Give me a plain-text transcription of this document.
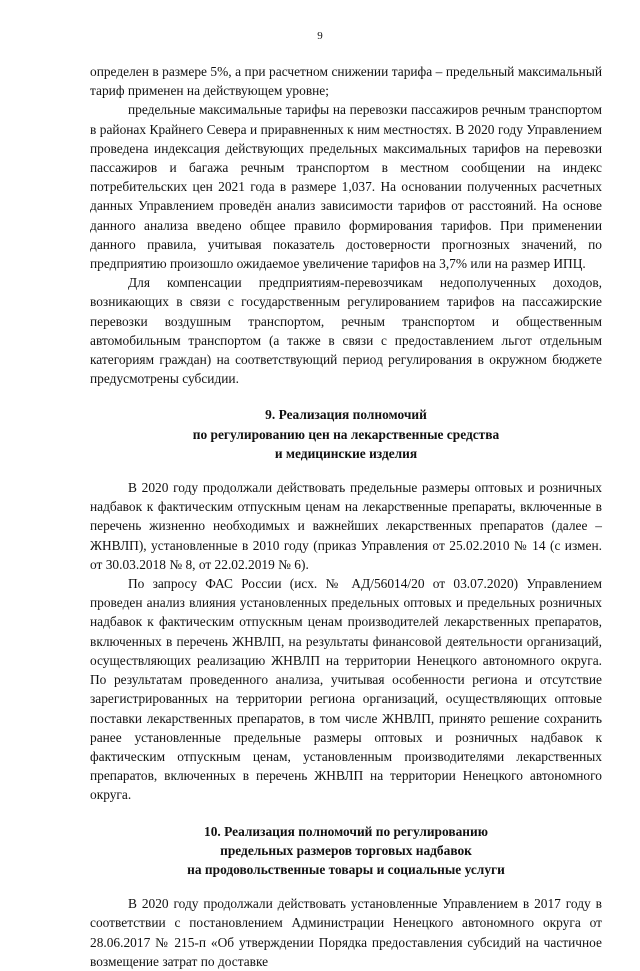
9

определен в размере 5%, а при расчетном снижении тарифа – предельный максимальный тариф применен на действующем уровне;

предельные максимальные тарифы на перевозки пассажиров речным транспортом в районах Крайнего Севера и приравненных к ним местностях. В 2020 году Управлением проведена индексация действующих предельных максимальных тарифов на перевозки пассажиров и багажа речным транспортом в местном сообщении на индекс потребительских цен 2021 года в размере 1,037. На основании полученных расчетных данных Управлением проведён анализ зависимости тарифов от расстояний. На основе данного анализа введено общее правило формирования тарифов. При применении данного правила, учитывая показатель достоверности прогнозных значений, по предприятию произошло ожидаемое увеличение тарифов на 3,7% или на размер ИПЦ.

Для компенсации предприятиям-перевозчикам недополученных доходов, возникающих в связи с государственным регулированием тарифов на пассажирские перевозки воздушным транспортом, речным транспортом и общественным автомобильным транспортом (а также в связи с предоставлением льгот отдельным категориям граждан) на соответствующий период регулирования в окружном бюджете предусмотрены субсидии.

9. Реализация полномочий

по регулированию цен на лекарственные средства

и медицинские изделия

В 2020 году продолжали действовать предельные размеры оптовых и розничных надбавок к фактическим отпускным ценам на лекарственные препараты, включенные в перечень жизненно необходимых и важнейших лекарственных препаратов (далее – ЖНВЛП), установленные в 2010 году (приказ Управления от 25.02.2010 № 14 (с измен. от 30.03.2018 № 8, от 22.02.2019 № 6).

По запросу ФАС России (исх. № АД/56014/20 от 03.07.2020) Управлением проведен анализ влияния установленных предельных оптовых и предельных розничных надбавок к фактическим отпускным ценам производителей лекарственных препаратов, включенных в перечень ЖНВЛП, на результаты финансовой деятельности организаций, осуществляющих реализацию ЖНВЛП на территории Ненецкого автономного округа. По результатам проведенного анализа, учитывая особенности региона и отсутствие зарегистрированных на территории региона организаций, осуществляющих оптовые поставки лекарственных препаратов, в том числе ЖНВЛП, принято решение сохранить ранее установленные предельные размеры оптовых и розничных надбавок к фактическим отпускным ценам, установленным производителями лекарственных препаратов, включенных в перечень ЖНВЛП на территории Ненецкого автономного округа.

10. Реализация полномочий по регулированию

предельных размеров торговых надбавок

на продовольственные товары и социальные услуги

В 2020 году продолжали действовать установленные Управлением в 2017 году в соответствии с постановлением Администрации Ненецкого автономного округа от 28.06.2017 № 215-п «Об утверждении Порядка предоставления субсидий на частичное возмещение затрат по доставке
